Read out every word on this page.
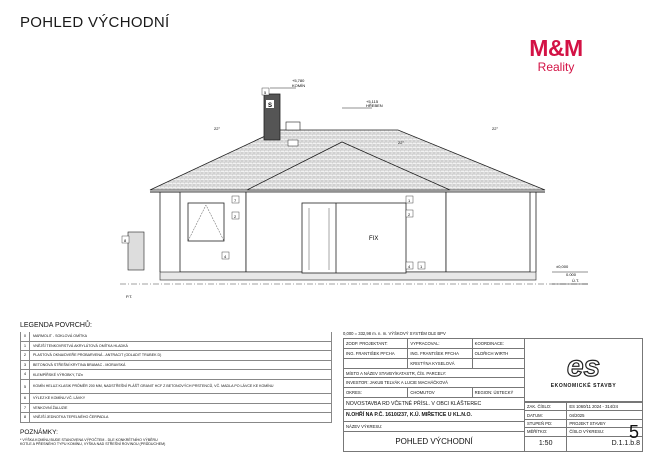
POHLED VÝCHODNÍ
M&M
Reality
FIX
S
+5,780
KOMÍN
+5,115
HŘEBEN
22°
22°
22°
±0,000
0.000
Ú.T.
P.T.
7
2
4
8
1
2
5
4 1
LEGENDA POVRCHŮ:
0	MARMOLIT - SOKLOVÁ OMÍTKA
1	VNĚJŠÍ TENKOVRSTVÁ AKRYLÁTOVÁ OMÍTKA HLADKÁ
2	PLASTOVÁ OKNA/DVEŘE PROBARVENÁ - ANTRACIT (ODLADIT TRUBEK D)
3	BETONOVÁ STŘEŠNÍ KRYTINA BRAMAC - MORAVSKÁ
4	KLEMPÍŘSKÉ VÝROBKY, TiZn
5	KOMÍN HELUZ KLASIK PRŮMĚR 200 MM, NADSTŘEŠNÍ PLÁŠŤ GRANIT HCF Z BETONOVÝCH PRSTENCŮ, VČ. MADLA PO LÁVCE KE KOMÍNU
6	VÝLEZ KE KOMÍNU VČ. LÁVKY
7	VENKOVNÍ ŽALUZIE
8	VNĚJŠÍ JEDNOTKA TEPELNÉHO ČERPADLA
POZNÁMKY:
* VÝŠKA KOMÍNU BUDE STANOVENA VÝPOČTEM - DLE KONKRÉTNÍHO VÝBĚRU
KOTLE A PŘESNÉHO TYPU KOMÍNU, VÝŠKA NAD STŘEŠNÍ ROVINOU (PRŮDUCHEM)
0,000 = 332,98 m. n. m. VÝŠKOVÝ SYSTÉM DLE BPV
ZODP. PROJEKTANT:	VYPRACOVAL:	KOORDINACE:
ING. FRANTIŠEK PFCHA	ING. FRANTIŠEK PFCHA	OLDŘICH WIRTH
	KRISTÝNA KYSELOVÁ	
MÍSTO A NÁZEV STAVBY/KATASTR, ČÍS. PARCELY:		
INVESTOR: JAKUB TELVÁK A LUCIE MACHÁČKOVÁ		
OKRES:	CHOMUTOV	REGION: ÚSTECKÝ
NOVOSTAVBA RD VČETNĚ PŘÍSL. V OBCI KLÁŠTEREC		
N.OHŘÍ NA P.Č. 1610/237, K.Ú. MIŘETICE U KL.N.O.		
NÁZEV VÝKRESU:		
POHLED VÝCHODNÍ		
es
EKONOMICKÉ STAVBY
ZAK. ČÍSLO:	ES 1060/11 2024 - 314/24
DATUM:	04/2025
STUPEŇ PD:	PROJEKT STAVBY
MĚŘÍTKO:	ČÍSLO VÝKRESU: 5

1:50	D.1.1.b.8
